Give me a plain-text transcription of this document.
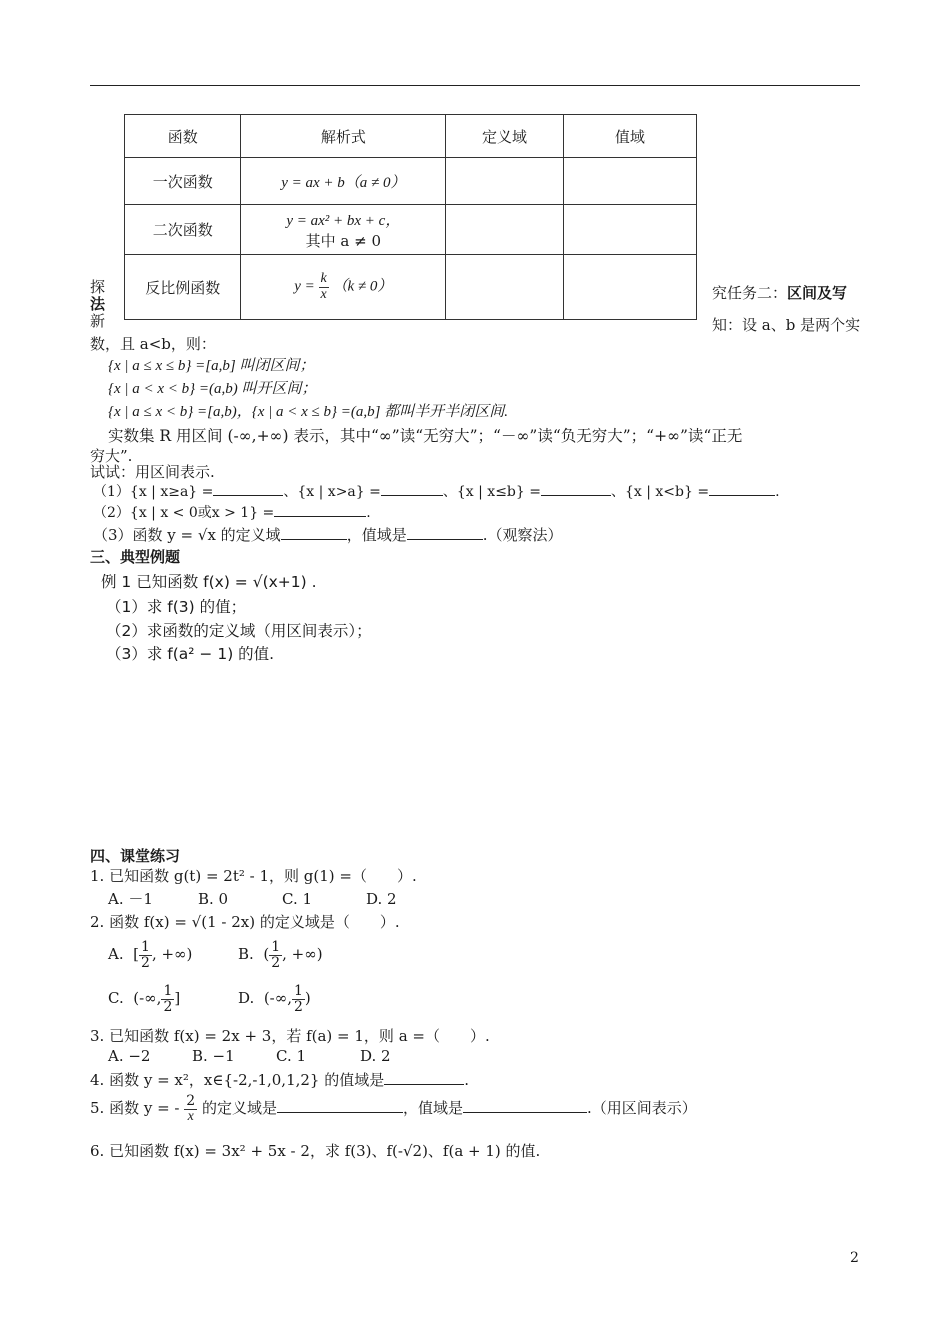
函数	解析式	定义域	值域
一次函数	y = ax + b（a ≠ 0）		
二次函数	y = ax² + bx + c，
其中 a ≠ 0		

反比例函数	$y = \frac{k}{x} (k \ne 0)$		
探
法
新
究任务二：区间及写
知：设 a、b 是两个实
数，且 a<b，则：
{x | a ≤ x ≤ b} =[a,b] 叫闭区间；
{x | a < x < b} =(a,b) 叫开区间；
{x | a ≤ x < b} =[a,b)，{x | a < x ≤ b} =(a,b] 都叫半开半闭区间.
实数集 R 用区间 (-∞,+∞) 表示，其中“∞”读“无穷大”；“－∞”读“负无穷大”；“+∞”读“正无
穷大”.
试试：用区间表示.
（1）{x | x≥a} =	、{x | x>a} =	、{x | x≤b} =	、{x | x<b} =	.
（2）{x | x < 0或x > 1} =	.
（3）函数 y = √x 的定义域	，值域是	.（观察法）
三、典型例题
例 1 已知函数 f(x) = √(x+1) .
（1）求 f(3) 的值；
（2）求函数的定义域（用区间表示）；
（3）求 f(a² − 1) 的值.
四、课堂练习
1. 已知函数 g(t) = 2t² - 1，则 g(1) =（　　）.
A. －1	B. 0	C. 1	D. 2
2. 函数 f(x) = √(1 - 2x) 的定义域是（　　）.
A. [ $\frac{1}{2}$ , +∞)	B. ( $\frac{1}{2}$ , +∞)
C. (-∞, $\frac{1}{2}$ ]	D. (-∞, $\frac{1}{2}$ )
3. 已知函数 f(x) = 2x + 3，若 f(a) = 1，则 a =（　　）.
A. −2	B. −1	C. 1	D. 2
4. 函数 y = x²，x∈{-2,-1,0,1,2} 的值域是	.
5. 函数 y = - $\frac{2}{x}$ 的定义域是	，值域是	.（用区间表示）
6. 已知函数 f(x) = 3x² + 5x - 2，求 f(3)、f(-√2)、f(a + 1) 的值.
2
